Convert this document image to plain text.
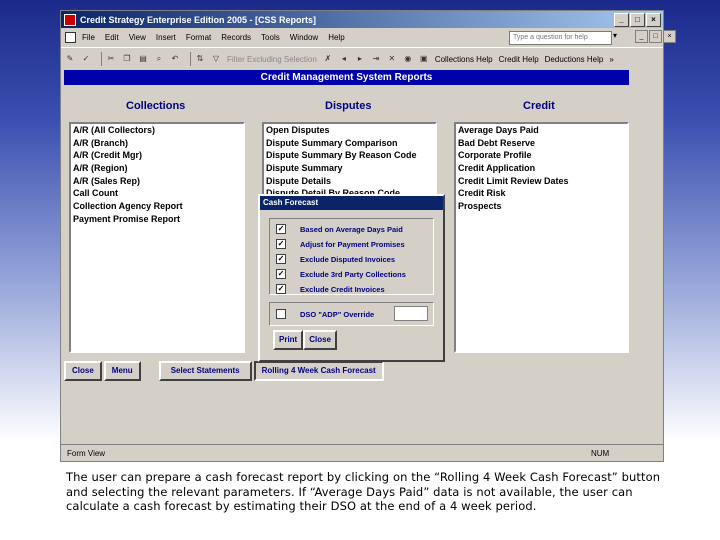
Credit Strategy Enterprise Edition 2005 - [CSS Reports]	_	□	×
File Edit View Insert Format Records Tools Window Help	Type a question for help	▾	_	□	×
✎ ✓ ✂ ❐ ▤	⌕	↶ ⇅ ▽ Filter Excluding Selection ✗	◂	▸	⇥ ✕ ◉ ▣ Collections Help Credit Help Deductions Help »
Credit Management System Reports
Collections	Disputes	Credit
A/R (All Collectors)
A/R (Branch)
A/R (Credit Mgr)
A/R (Region)
A/R (Sales Rep)
Call Count
Collection Agency Report
Payment Promise Report
Open Disputes
Dispute Summary Comparison
Dispute Summary By Reason Code
Dispute Summary
Dispute Details
Average Days Paid
Bad Debt Reserve
Corporate Profile
Credit Application
Credit Limit Review Dates
Credit Risk
Prospects
Close	Menu	Select Statements	Rolling 4 Week Cash Forecast
Form View	NUM
Cash Forecast
✓ Based on Average Days Paid
✓ Adjust for Payment Promises
✓ Exclude Disputed Invoices
✓ Exclude 3rd Party Collections
✓ Exclude Credit Invoices
DSO "ADP" Override
Print	Close
The user can prepare a cash forecast report by clicking on the “Rolling 4 Week Cash Forecast” button and selecting the relevant parameters. If “Average Days Paid” data is not available, the user can calculate a cash forecast by estimating their DSO at the end of a 4 week period.
